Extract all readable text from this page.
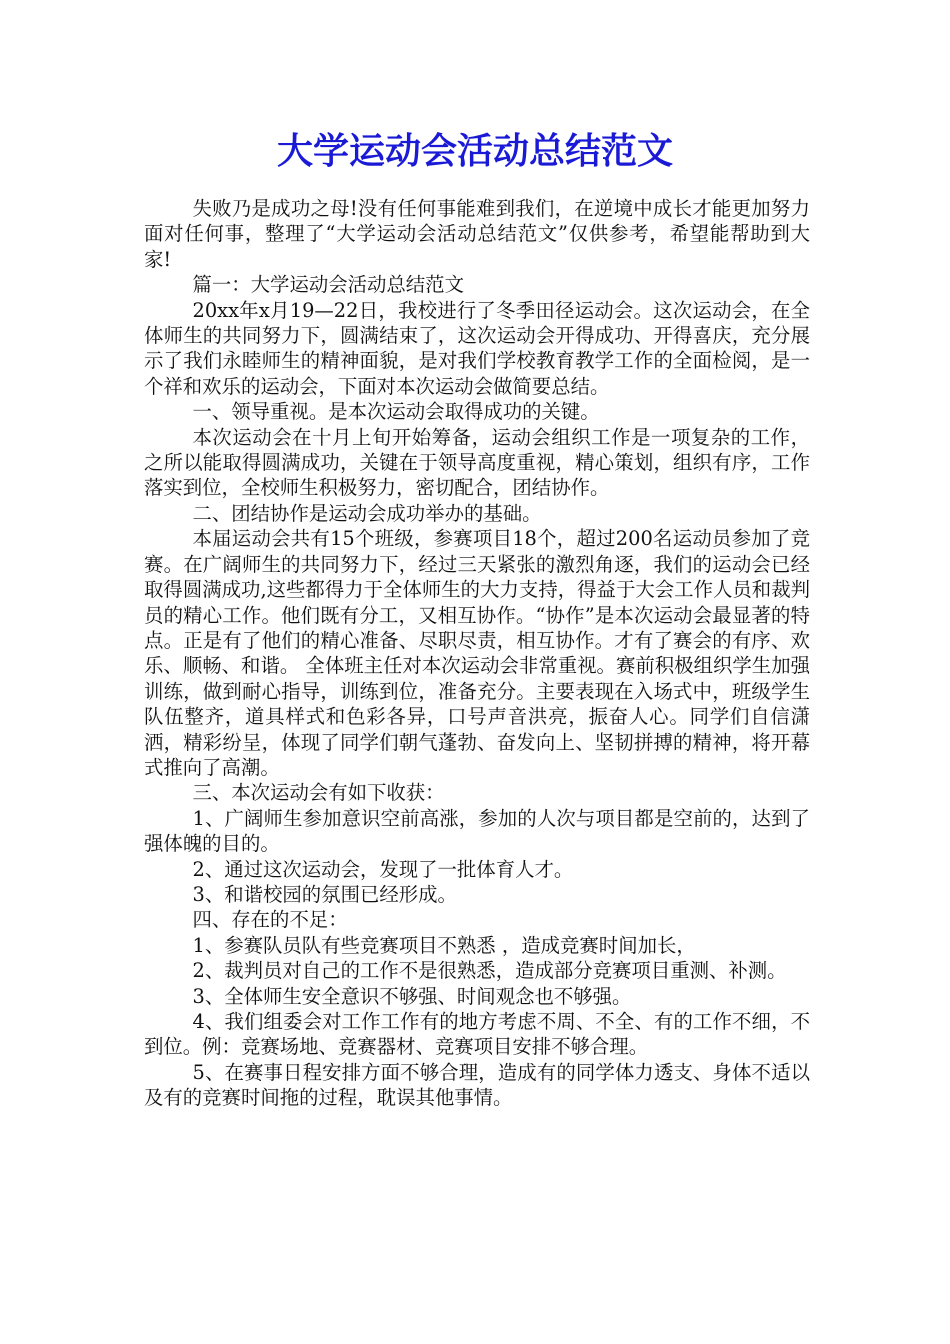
大学运动会活动总结范文

失败乃是成功之母!没有任何事能难到我们，在逆境中成长才能更加努力面对任何事，整理了“大学运动会活动总结范文”仅供参考，希望能帮助到大家!

篇一：大学运动会活动总结范文

20xx年x月19—22日，我校进行了冬季田径运动会。这次运动会，在全体师生的共同努力下，圆满结束了，这次运动会开得成功、开得喜庆，充分展示了我们永睦师生的精神面貌，是对我们学校教育教学工作的全面检阅，是一个祥和欢乐的运动会，下面对本次运动会做简要总结。

一、领导重视。是本次运动会取得成功的关键。

本次运动会在十月上旬开始筹备，运动会组织工作是一项复杂的工作，之所以能取得圆满成功，关键在于领导高度重视，精心策划，组织有序，工作落实到位，全校师生积极努力，密切配合，团结协作。

二、团结协作是运动会成功举办的基础。

本届运动会共有15个班级，参赛项目18个，超过200名运动员参加了竞赛。在广阔师生的共同努力下，经过三天紧张的激烈角逐，我们的运动会已经取得圆满成功,这些都得力于全体师生的大力支持，得益于大会工作人员和裁判员的精心工作。他们既有分工，又相互协作。“协作”是本次运动会最显著的特点。正是有了他们的精心准备、尽职尽责，相互协作。才有了赛会的有序、欢乐、顺畅、和谐。 全体班主任对本次运动会非常重视。赛前积极组织学生加强训练，做到耐心指导，训练到位，准备充分。主要表现在入场式中，班级学生队伍整齐，道具样式和色彩各异，口号声音洪亮，振奋人心。同学们自信潇洒，精彩纷呈，体现了同学们朝气蓬勃、奋发向上、坚韧拼搏的精神，将开幕式推向了高潮。

三、本次运动会有如下收获：

1、广阔师生参加意识空前高涨，参加的人次与项目都是空前的，达到了强体魄的目的。

2、通过这次运动会，发现了一批体育人才。

3、和谐校园的氛围已经形成。

四、存在的不足：

1、参赛队员队有些竞赛项目不熟悉 ，造成竞赛时间加长，

2、裁判员对自己的工作不是很熟悉，造成部分竞赛项目重测、补测。

3、全体师生安全意识不够强、时间观念也不够强。

4、我们组委会对工作工作有的地方考虑不周、不全、有的工作不细，不到位。例：竞赛场地、竞赛器材、竞赛项目安排不够合理。

5、在赛事日程安排方面不够合理，造成有的同学体力透支、身体不适以及有的竞赛时间拖的过程，耽误其他事情。
